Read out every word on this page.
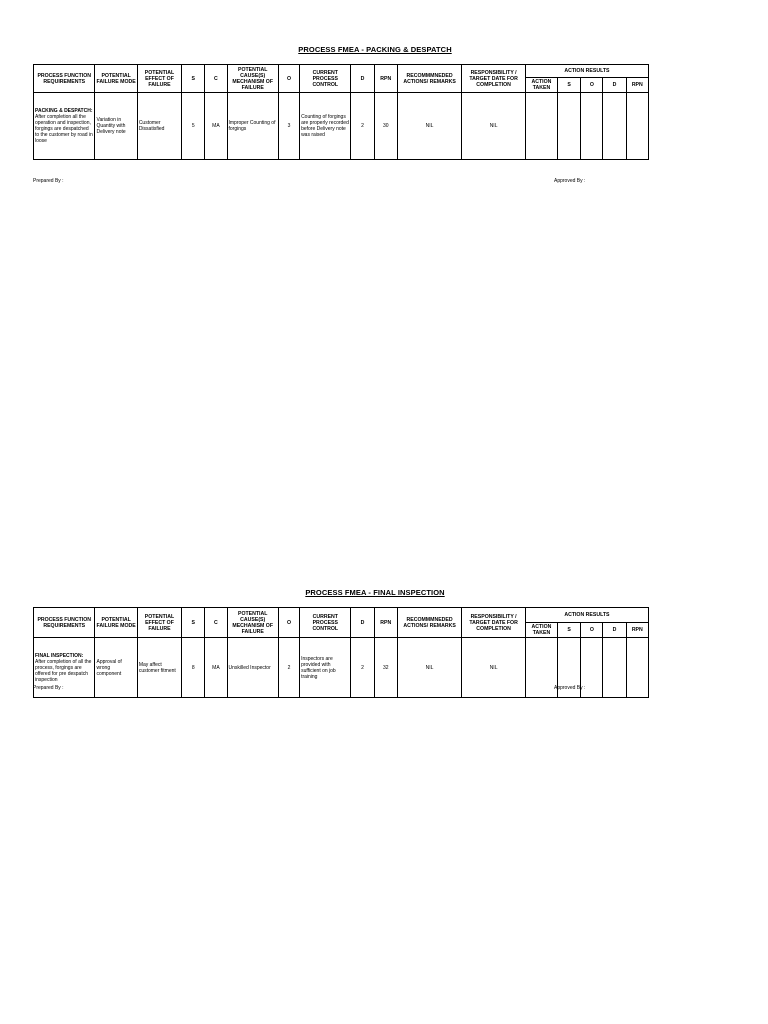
PROCESS FMEA - PACKING & DESPATCH
PROCESS FUNCTION REQUIREMENTS	POTENTIAL FAILURE MODE	POTENTIAL EFFECT OF FAILURE	S	C	POTENTIAL CAUSE(S) MECHANISM OF FAILURE	O	CURRENT PROCESS CONTROL	D	RPN	RECOMMMNEDED ACTIONS/ REMARKS	RESPONSIBILITY / TARGET DATE FOR COMPLETION	ACTION RESULTS				
												ACTION TAKEN	S	O	D	RPN

PACKING & DESPATCH:
After completion all the operation and inspection, forgings are despatched to the customer by road in loose	Variation in Quantity with Delivery note	Customer Dissatisfied	5	MA	Improper Counting of forgings	3	Counting of forgings are properly recorded before Delivery note was raised	2	30	NIL	NIL					
Prepared By :	Approved By :
PROCESS FMEA - FINAL INSPECTION
PROCESS FUNCTION REQUIREMENTS	POTENTIAL FAILURE MODE	POTENTIAL EFFECT OF FAILURE	S	C	POTENTIAL CAUSE(S) MECHANISM OF FAILURE	O	CURRENT PROCESS CONTROL	D	RPN	RECOMMMNEDED ACTIONS/ REMARKS	RESPONSIBILITY / TARGET DATE FOR COMPLETION	ACTION RESULTS				
												ACTION TAKEN	S	O	D	RPN

FINAL INSPECTION:
After completion of all the process, forgings are offered for pre despatch inspection	Approval of wrong component	May affect customer fitment	8	MA	Unskilled Inspector	2	Inspectors are provided with sufficient on job training	2	32	NIL	NIL					
Prepared By :	Approved By :
